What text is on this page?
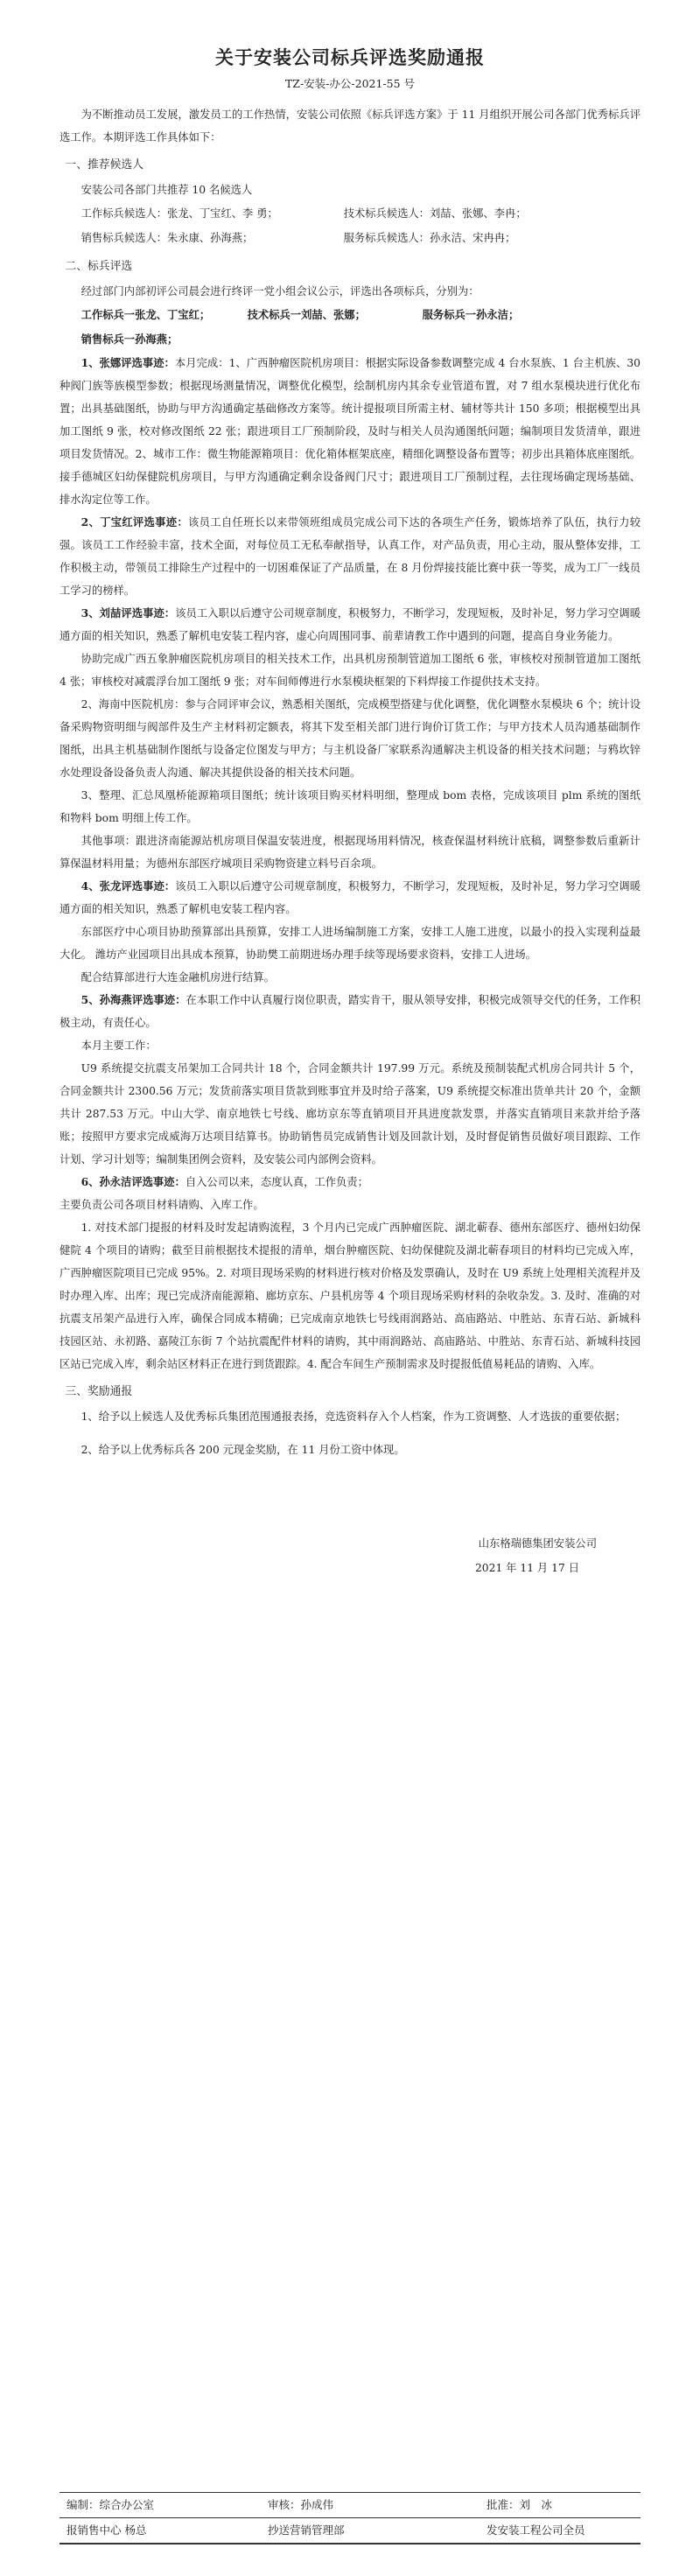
关于安装公司标兵评选奖励通报
TZ-安装-办公-2021-55 号

为不断推动员工发展，激发员工的工作热情，安装公司依照《标兵评选方案》于 11 月组织开展公司各部门优秀标兵评选工作。本期评选工作具体如下：

一、推荐候选人

安装公司各部门共推荐 10 名候选人

工作标兵候选人：张龙、丁宝红、李 勇；	技术标兵候选人：刘喆、张娜、李冉；
销售标兵候选人：朱永康、孙海燕；	服务标兵候选人：孙永洁、宋冉冉；
二、标兵评选

经过部门内部初评公司晨会进行终评一党小组会议公示，评选出各项标兵，分别为：

工作标兵一张龙、丁宝红；	技术标兵一刘喆、张娜；	服务标兵一孙永洁；
销售标兵一孙海燕；

1、张娜评选事迹：本月完成：1、广西肿瘤医院机房项目：根据实际设备参数调整完成 4 台水泵族、1 台主机族、30 种阀门族等族模型参数；根据现场测量情况，调整优化模型，绘制机房内其余专业管道布置，对 7 组水泵模块进行优化布置；出具基础图纸，协助与甲方沟通确定基础修改方案等。统计提报项目所需主材、辅材等共计 150 多项；根据模型出具加工图纸 9 张，校对修改图纸 22 张；跟进项目工厂预制阶段，及时与相关人员沟通图纸问题；编制项目发货清单，跟进项目发货情况。2、城市工作：微生物能源箱项目：优化箱体框架底座，精细化调整设备布置等；初步出具箱体底座图纸。接手德城区妇幼保健院机房项目，与甲方沟通确定剩余设备阀门尺寸；跟进项目工厂预制过程，去往现场确定现场基础、排水沟定位等工作。

2、丁宝红评选事迹：该员工自任班长以来带领班组成员完成公司下达的各项生产任务，锻炼培养了队伍，执行力较强。该员工工作经验丰富，技术全面，对每位员工无私奉献指导，认真工作，对产品负责，用心主动，服从整体安排，工作积极主动，带领员工排除生产过程中的一切困难保证了产品质量，在 8 月份焊接技能比赛中获一等奖，成为工厂一线员工学习的榜样。

3、刘喆评选事迹：该员工入职以后遵守公司规章制度，积极努力，不断学习，发现短板，及时补足，努力学习空调暖通方面的相关知识，熟悉了解机电安装工程内容，虚心向周围同事、前辈请教工作中遇到的问题，提高自身业务能力。

协助完成广西五象肿瘤医院机房项目的相关技术工作，出具机房预制管道加工图纸 6 张，审核校对预制管道加工图纸 4 张；审核校对减震浮台加工图纸 9 张；对车间师傅进行水泵模块框架的下料焊接工作提供技术支持。

2、海南中医院机房：参与合同评审会议，熟悉相关图纸，完成模型搭建与优化调整，优化调整水泵模块 6 个；统计设备采购物资明细与阀部件及生产主材料初定额表，将其下发至相关部门进行询价订货工作；与甲方技术人员沟通基础制作图纸，出具主机基础制作图纸与设备定位图发与甲方；与主机设备厂家联系沟通解决主机设备的相关技术问题；与鸦坎锌水处理设备设备负责人沟通、解决其提供设备的相关技术问题。

3、整理、汇总凤凰桥能源箱项目图纸；统计该项目购买材料明细，整理成 bom 表格，完成该项目 plm 系统的图纸和物料 bom 明细上传工作。

其他事项：跟进济南能源站机房项目保温安装进度，根据现场用料情况，核查保温材料统计底稿，调整参数后重新计算保温材料用量；为德州东部医疗城项目采购物资建立料号百余项。

4、张龙评选事迹：该员工入职以后遵守公司规章制度，积极努力，不断学习，发现短板，及时补足，努力学习空调暖通方面的相关知识，熟悉了解机电安装工程内容。

东部医疗中心项目协助预算部出具预算，安排工人进场编制施工方案，安排工人施工进度，以最小的投入实现利益最大化。 潍坊产业园项目出具成本预算，协助樊工前期进场办理手续等现场要求资料，安排工人进场。

配合结算部进行大连金融机房进行结算。

5、孙海燕评选事迹：在本职工作中认真履行岗位职责，踏实肯干，服从领导安排，积极完成领导交代的任务，工作积极主动，有责任心。

本月主要工作：

U9 系统提交抗震支吊架加工合同共计 18 个，合同金额共计 197.99 万元。系统及预制装配式机房合同共计 5 个，合同金额共计 2300.56 万元；发货前落实项目货款到账事宜并及时给子落案，U9 系统提交标准出货单共计 20 个，金额共计 287.53 万元。中山大学、南京地铁七号线、廊坊京东等直销项目开具进度款发票，并落实直销项目来款并给予落账；按照甲方要求完成威海万达项目结算书。协助销售员完成销售计划及回款计划，及时督促销售员做好项目跟踪、工作计划、学习计划等；编制集团例会资料，及安装公司内部例会资料。

6、孙永洁评选事迹：自入公司以来，态度认真，工作负责；

主要负责公司各项目材料请购、入库工作。

1. 对技术部门提报的材料及时发起请购流程，3 个月内已完成广西肿瘤医院、湖北蕲春、德州东部医疗、德州妇幼保健院 4 个项目的请购；截至目前根据技术提报的清单，烟台肿瘤医院、妇幼保健院及湖北蕲春项目的材料均已完成入库，广西肿瘤医院项目已完成 95%。2. 对项目现场采购的材料进行核对价格及发票确认，及时在 U9 系统上处理相关流程并及时办理入库、出库；现已完成济南能源箱、廊坊京东、户县机房等 4 个项目现场采购材料的杂收杂发。3. 及时、准确的对抗震支吊架产品进行入库，确保合同成本精确；已完成南京地铁七号线雨润路站、高庙路站、中胜站、东青石站、新城科技园区站、永初路、嘉陵江东街 7 个站抗震配件材料的请购，其中雨润路站、高庙路站、中胜站、东青石站、新城科技园区站已完成入库，剩余站区材料正在进行到货跟踪。4. 配合车间生产预制需求及时提报低值易耗品的请购、入库。

三、奖励通报

1、给予以上候选人及优秀标兵集团范围通报表扬，竞选资料存入个人档案，作为工资调整、人才选拔的重要依据；

2、给予以上优秀标兵各 200 元现金奖励，在 11 月份工资中体现。

山东格瑞德集团安装公司
2021 年 11 月 17 日
编制：综合办公室	审核：孙成伟	批准：刘　冰
报销售中心 杨总	抄送营销管理部	发安装工程公司全员
